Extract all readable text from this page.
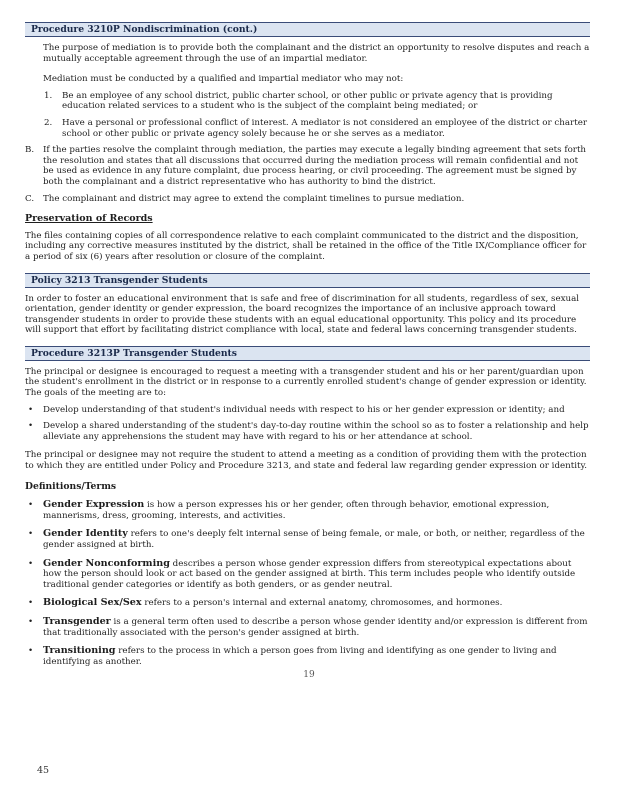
Procedure 3210P Nondiscrimination (cont.)

The purpose of mediation is to provide both the complainant and the district an opportunity to resolve disputes and reach a mutually acceptable agreement through the use of an impartial mediator.

Mediation must be conducted by a qualified and impartial mediator who may not:

1. Be an employee of any school district, public charter school, or other public or private agency that is providing education related services to a student who is the subject of the complaint being mediated; or
2. Have a personal or professional conflict of interest. A mediator is not considered an employee of the district or charter school or other public or private agency solely because he or she serves as a mediator.
B. If the parties resolve the complaint through mediation, the parties may execute a legally binding agreement that sets forth the resolution and states that all discussions that occurred during the mediation process will remain confidential and not be used as evidence in any future complaint, due process hearing, or civil proceeding. The agreement must be signed by both the complainant and a district representative who has authority to bind the district.
C. The complainant and district may agree to extend the complaint timelines to pursue mediation.

Preservation of Records

The files containing copies of all correspondence relative to each complaint communicated to the district and the disposition, including any corrective measures instituted by the district, shall be retained in the office of the Title IX/Compliance officer for a period of six (6) years after resolution or closure of the complaint.

Policy 3213 Transgender Students

In order to foster an educational environment that is safe and free of discrimination for all students, regardless of sex, sexual orientation, gender identity or gender expression, the board recognizes the importance of an inclusive approach toward transgender students in order to provide these students with an equal educational opportunity. This policy and its procedure will support that effort by facilitating district compliance with local, state and federal laws concerning transgender students.

Procedure 3213P Transgender Students

The principal or designee is encouraged to request a meeting with a transgender student and his or her parent/guardian upon the student's enrollment in the district or in response to a currently enrolled student's change of gender expression or identity. The goals of the meeting are to:

• Develop understanding of that student's individual needs with respect to his or her gender expression or identity; and
• Develop a shared understanding of the student's day-to-day routine within the school so as to foster a relationship and help alleviate any apprehensions the student may have with regard to his or her attendance at school.

The principal or designee may not require the student to attend a meeting as a condition of providing them with the protection to which they are entitled under Policy and Procedure 3213, and state and federal law regarding gender expression or identity.

Definitions/Terms

• Gender Expression is how a person expresses his or her gender, often through behavior, emotional expression, mannerisms, dress, grooming, interests, and activities.
• Gender Identity refers to one's deeply felt internal sense of being female, or male, or both, or neither, regardless of the gender assigned at birth.
• Gender Nonconforming describes a person whose gender expression differs from stereotypical expectations about how the person should look or act based on the gender assigned at birth. This term includes people who identify outside traditional gender categories or identify as both genders, or as gender neutral.
• Biological Sex/Sex refers to a person's internal and external anatomy, chromosomes, and hormones.
• Transgender is a general term often used to describe a person whose gender identity and/or expression is different from that traditionally associated with the person's gender assigned at birth.
• Transitioning refers to the process in which a person goes from living and identifying as one gender to living and identifying as another.
19
45
